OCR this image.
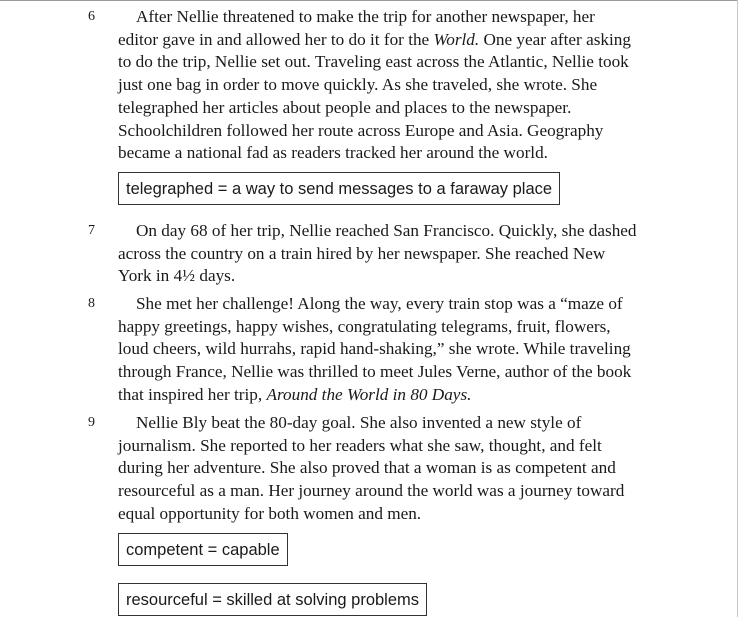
6	After Nellie threatened to make the trip for another newspaper, her
editor gave in and allowed her to do it for the World. One year after asking
to do the trip, Nellie set out. Traveling east across the Atlantic, Nellie took
just one bag in order to move quickly. As she traveled, she wrote. She
telegraphed her articles about people and places to the newspaper.
Schoolchildren followed her route across Europe and Asia. Geography
became a national fad as readers tracked her around the world.
telegraphed = a way to send messages to a faraway place
7	On day 68 of her trip, Nellie reached San Francisco. Quickly, she dashed
across the country on a train hired by her newspaper. She reached New
York in 4½ days.
8	She met her challenge! Along the way, every train stop was a “maze of
happy greetings, happy wishes, congratulating telegrams, fruit, flowers,
loud cheers, wild hurrahs, rapid hand-shaking,” she wrote. While traveling
through France, Nellie was thrilled to meet Jules Verne, author of the book
that inspired her trip, Around the World in 80 Days.
9	Nellie Bly beat the 80-day goal. She also invented a new style of
journalism. She reported to her readers what she saw, thought, and felt
during her adventure. She also proved that a woman is as competent and
resourceful as a man. Her journey around the world was a journey toward
equal opportunity for both women and men.
competent = capable
resourceful = skilled at solving problems
